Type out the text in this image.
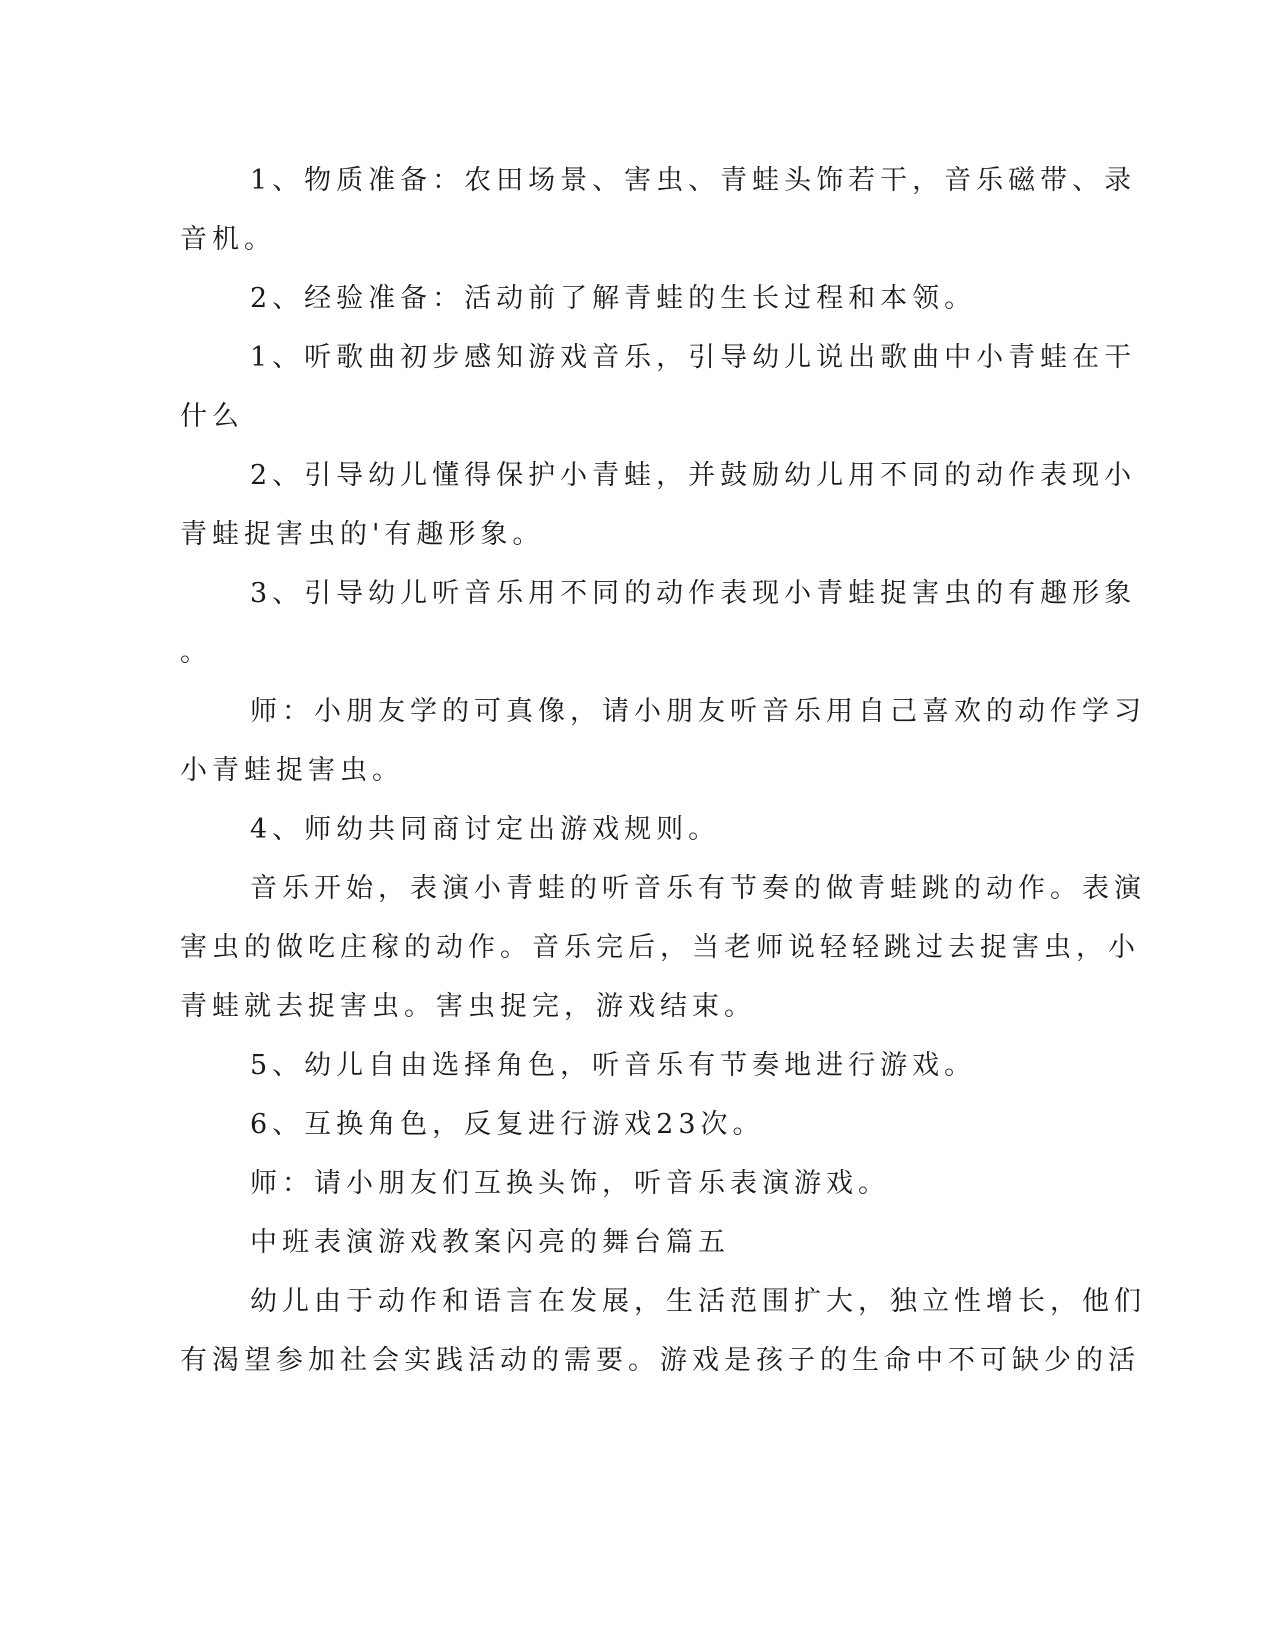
1、物质准备：农田场景、害虫、青蛙头饰若干，音乐磁带、录
音机。
2、经验准备：活动前了解青蛙的生长过程和本领。
1、听歌曲初步感知游戏音乐，引导幼儿说出歌曲中小青蛙在干
什么
2、引导幼儿懂得保护小青蛙，并鼓励幼儿用不同的动作表现小
青蛙捉害虫的'有趣形象。
3、引导幼儿听音乐用不同的动作表现小青蛙捉害虫的有趣形象
。
师：小朋友学的可真像，请小朋友听音乐用自己喜欢的动作学习
小青蛙捉害虫。
4、师幼共同商讨定出游戏规则。
音乐开始，表演小青蛙的听音乐有节奏的做青蛙跳的动作。表演
害虫的做吃庄稼的动作。音乐完后，当老师说轻轻跳过去捉害虫，小
青蛙就去捉害虫。害虫捉完，游戏结束。
5、幼儿自由选择角色，听音乐有节奏地进行游戏。
6、互换角色，反复进行游戏23次。
师：请小朋友们互换头饰，听音乐表演游戏。
中班表演游戏教案闪亮的舞台篇五
幼儿由于动作和语言在发展，生活范围扩大，独立性增长，他们
有渴望参加社会实践活动的需要。游戏是孩子的生命中不可缺少的活
